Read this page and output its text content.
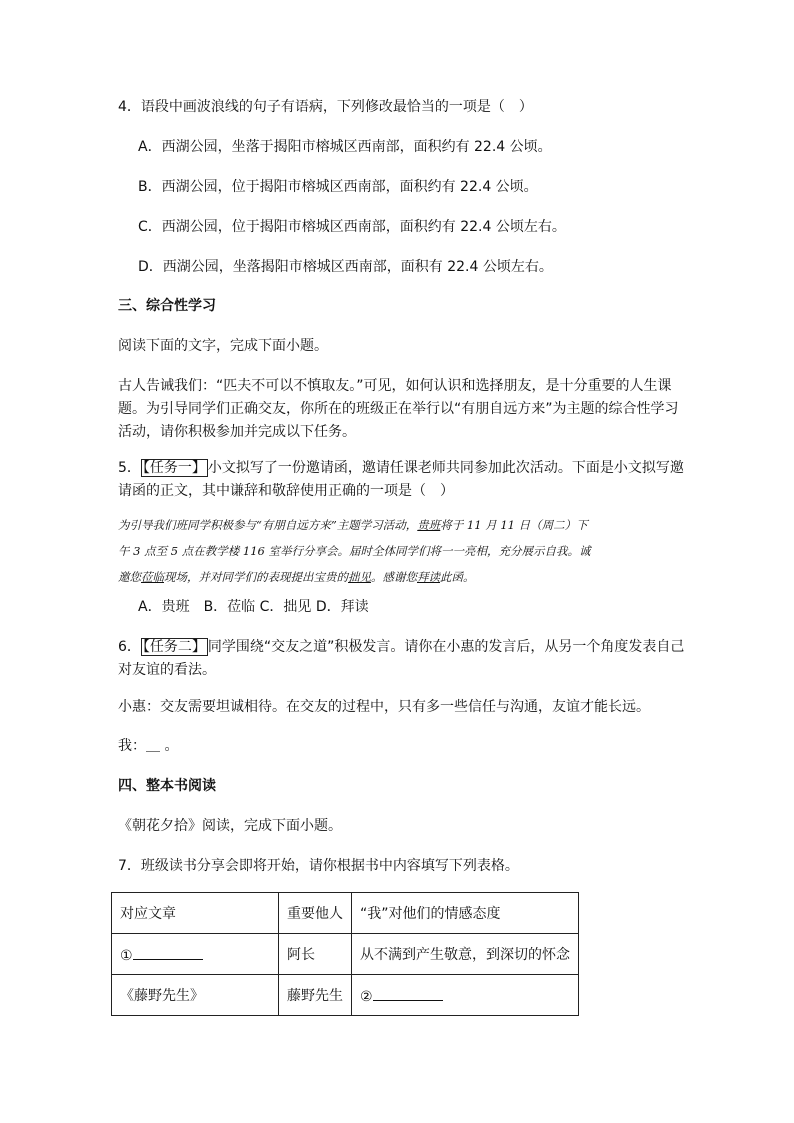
4．语段中画波浪线的句子有语病，下列修改最恰当的一项是（　）
A．西湖公园，坐落于揭阳市榕城区西南部，面积约有 22.4 公顷。
B．西湖公园，位于揭阳市榕城区西南部，面积约有 22.4 公顷。
C．西湖公园，位于揭阳市榕城区西南部，面积约有 22.4 公顷左右。
D．西湖公园，坐落揭阳市榕城区西南部，面积有 22.4 公顷左右。
三、综合性学习
阅读下面的文字，完成下面小题。
古人告诫我们：“匹夫不可以不慎取友。”可见，如何认识和选择朋友，是十分重要的人生课
题。为引导同学们正确交友，你所在的班级正在举行以“有朋自远方来”为主题的综合性学习
活动，请你积极参加并完成以下任务。
5． 【任务一】 小文拟写了一份邀请函，邀请任课老师共同参加此次活动。下面是小文拟写邀
请函的正文，其中谦辞和敬辞使用正确的一项是（　）
为引导我们班同学积极参与“有朋自远方来”主题学习活动，贵班将于 11 月 11 日（周二）下
午 3 点至 5 点在教学楼 116 室举行分享会。届时全体同学们将一一亮相，充分展示自我。诚
邀您莅临现场，并对同学们的表现提出宝贵的拙见。感谢您拜读此函。
A．贵班　B．莅临 C．拙见 D．拜读
6． 【任务二】 同学围绕“交友之道”积极发言。请你在小惠的发言后，从另一个角度发表自己
对友谊的看法。
小惠：交友需要坦诚相待。在交友的过程中，只有多一些信任与沟通，友谊才能长远。
我：＿ 。
四、整本书阅读
《朝花夕拾》阅读，完成下面小题。
7．班级读书分享会即将开始，请你根据书中内容填写下列表格。
对应文章	重要他人	“我”对他们的情感态度
①	阿长	从不满到产生敬意，到深切的怀念
《藤野先生》	藤野先生	②
